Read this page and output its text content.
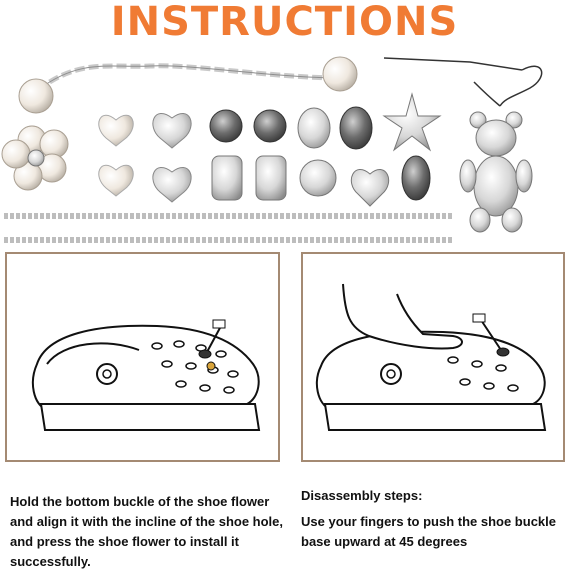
INSTRUCTIONS
Hold the bottom buckle of the shoe flower and align it with the incline of the shoe hole, and press the shoe flower to install it successfully.
Disassembly steps:
Use your fingers to push the shoe buckle base upward at 45 degrees
